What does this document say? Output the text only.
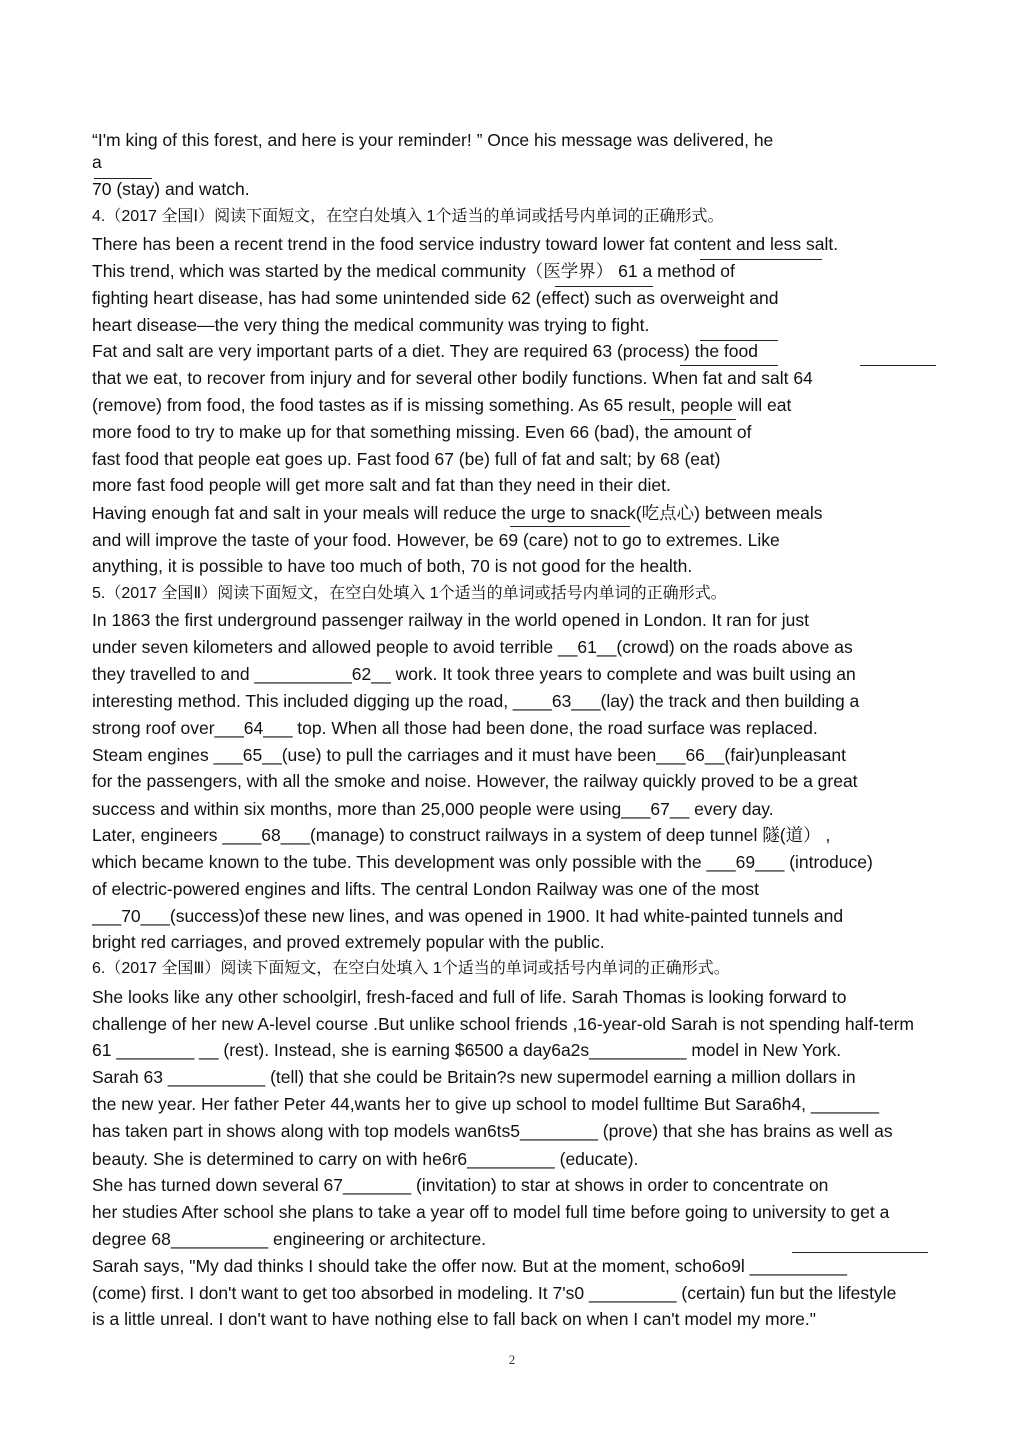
“I'm king of this forest, and here is your reminder! ” Once his message was delivered, he
a
70 (stay) and watch.
4.（2017 全国Ⅰ）阅读下面短文，在空白处填入 1个适当的单词或括号内单词的正确形式。
There has been a recent trend in the food service industry toward lower fat content and less salt.
This trend, which was started by the medical community（医学界） 61 a method of
fighting heart disease, has had some unintended side 62 (effect) such as overweight and
heart disease—the very thing the medical community was trying to fight.
Fat and salt are very important parts of a diet. They are required 63 (process) the food
that we eat, to recover from injury and for several other bodily functions. When fat and salt 64
(remove) from food, the food tastes as if is missing something. As 65 result, people will eat
more food to try to make up for that something missing. Even 66 (bad), the amount of
fast food that people eat goes up. Fast food 67 (be) full of fat and salt; by 68 (eat)
more fast food people will get more salt and fat than they need in their diet.
Having enough fat and salt in your meals will reduce the urge to snack(吃点心) between meals
and will improve the taste of your food. However, be 69 (care) not to go to extremes. Like
anything, it is possible to have too much of both, 70 is not good for the health.
5.（2017 全国Ⅱ）阅读下面短文，在空白处填入 1个适当的单词或括号内单词的正确形式。
In 1863 the first underground passenger railway in the world opened in London. It ran for just
under seven kilometers and allowed people to avoid terrible __61__(crowd) on the roads above as
they travelled to and __________62__ work. It took three years to complete and was built using an
interesting method. This included digging up the road, ____63___(lay) the track and then building a
strong roof over___64___ top. When all those had been done, the road surface was replaced.
Steam engines ___65__(use) to pull the carriages and it must have been___66__(fair)unpleasant
for the passengers, with all the smoke and noise. However, the railway quickly proved to be a great
success and within six months, more than 25,000 people were using___67__ every day.
Later, engineers ____68___(manage) to construct railways in a system of deep tunnel 隧(道） ,
which became known to the tube. This development was only possible with the ___69___ (introduce)
of electric-powered engines and lifts. The central London Railway was one of the most
___70___(success)of these new lines, and was opened in 1900. It had white-painted tunnels and
bright red carriages, and proved extremely popular with the public.
6.（2017 全国Ⅲ）阅读下面短文，在空白处填入 1个适当的单词或括号内单词的正确形式。
She looks like any other schoolgirl, fresh-faced and full of life. Sarah Thomas is looking forward to
challenge of her new A-level course .But unlike school friends ,16-year-old Sarah is not spending half-term
61 ________ __ (rest). Instead, she is earning $6500 a day6a2s__________ model in New York.
Sarah 63 __________ (tell) that she could be Britain?s new supermodel earning a million dollars in
the new year. Her father Peter 44,wants her to give up school to model fulltime But Sara6h4, _______
has taken part in shows along with top models wan6ts5________ (prove) that she has brains as well as
beauty. She is determined to carry on with he6r6_________ (educate).
She has turned down several 67_______ (invitation) to star at shows in order to concentrate on
her studies After school she plans to take a year off to model full time before going to university to get a
degree 68__________ engineering or architecture.
Sarah says, "My dad thinks I should take the offer now. But at the moment, scho6o9l __________
(come) first. I don't want to get too absorbed in modeling. It 7's0 _________ (certain) fun but the lifestyle
is a little unreal. I don't want to have nothing else to fall back on when I can't model my more."
2
